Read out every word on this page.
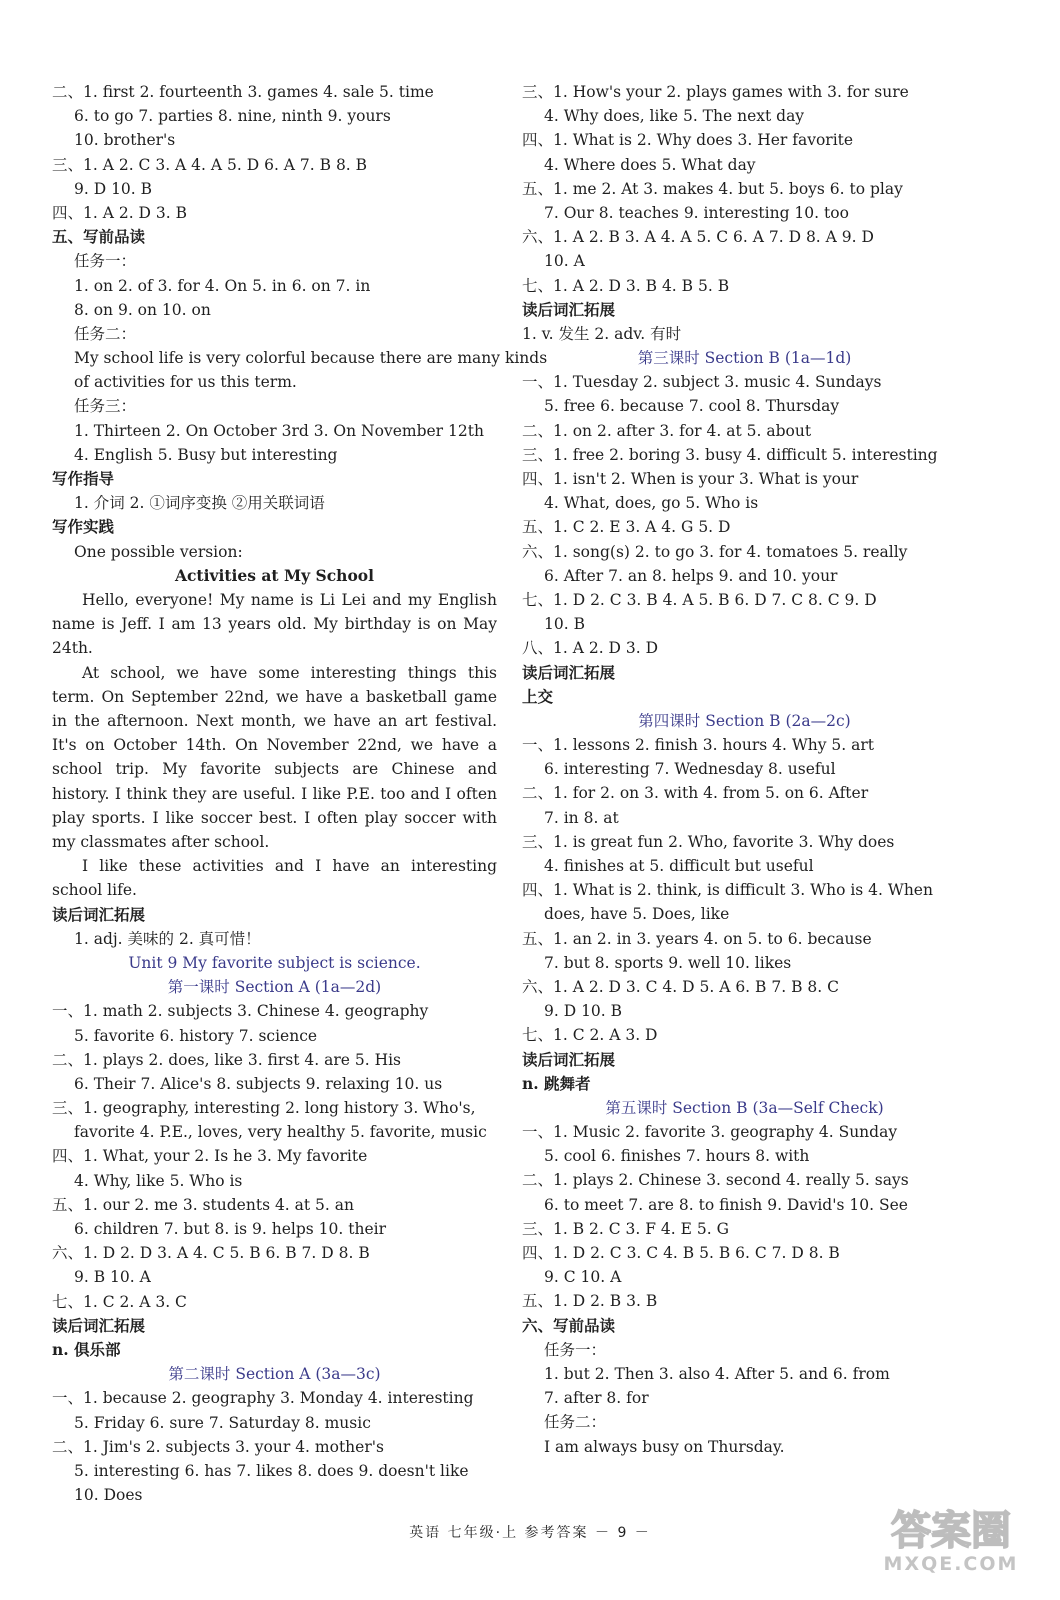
二、1. first 2. fourteenth 3. games 4. sale 5. time
6. to go 7. parties 8. nine, ninth 9. yours
10. brother's
三、1. A 2. C 3. A 4. A 5. D 6. A 7. B 8. B
9. D 10. B
四、1. A 2. D 3. B
五、写前品读
任务一：
1. on 2. of 3. for 4. On 5. in 6. on 7. in
8. on 9. on 10. on
任务二：
My school life is very colorful because there are many kinds
of activities for us this term.
任务三：
1. Thirteen 2. On October 3rd 3. On November 12th
4. English 5. Busy but interesting
写作指导
1. 介词 2. ①词序变换 ②用关联词语
写作实践
One possible version:
Activities at My School

Hello, everyone! My name is Li Lei and my English name is Jeff. I am 13 years old. My birthday is on May 24th.

At school, we have some interesting things this term. On September 22nd, we have a basketball game in the afternoon. Next month, we have an art festival. It's on October 14th. On November 22nd, we have a school trip. My favorite subjects are Chinese and history. I think they are useful. I like P.E. too and I often play sports. I like soccer best. I often play soccer with my classmates after school.

I like these activities and I have an interesting school life.

读后词汇拓展
1. adj. 美味的 2. 真可惜！
Unit 9 My favorite subject is science.
第一课时 Section A (1a—2d)
一、1. math 2. subjects 3. Chinese 4. geography
5. favorite 6. history 7. science
二、1. plays 2. does, like 3. first 4. are 5. His
6. Their 7. Alice's 8. subjects 9. relaxing 10. us
三、1. geography, interesting 2. long history 3. Who's,
favorite 4. P.E., loves, very healthy 5. favorite, music
四、1. What, your 2. Is he 3. My favorite
4. Why, like 5. Who is
五、1. our 2. me 3. students 4. at 5. an
6. children 7. but 8. is 9. helps 10. their
六、1. D 2. D 3. A 4. C 5. B 6. B 7. D 8. B
9. B 10. A
七、1. C 2. A 3. C
读后词汇拓展
n. 俱乐部
第二课时 Section A (3a—3c)
一、1. because 2. geography 3. Monday 4. interesting
5. Friday 6. sure 7. Saturday 8. music
二、1. Jim's 2. subjects 3. your 4. mother's
5. interesting 6. has 7. likes 8. does 9. doesn't like
10. Does
三、1. How's your 2. plays games with 3. for sure
4. Why does, like 5. The next day
四、1. What is 2. Why does 3. Her favorite
4. Where does 5. What day
五、1. me 2. At 3. makes 4. but 5. boys 6. to play
7. Our 8. teaches 9. interesting 10. too
六、1. A 2. B 3. A 4. A 5. C 6. A 7. D 8. A 9. D
10. A
七、1. A 2. D 3. B 4. B 5. B
读后词汇拓展
1. v. 发生 2. adv. 有时
第三课时 Section B (1a—1d)
一、1. Tuesday 2. subject 3. music 4. Sundays
5. free 6. because 7. cool 8. Thursday
二、1. on 2. after 3. for 4. at 5. about
三、1. free 2. boring 3. busy 4. difficult 5. interesting
四、1. isn't 2. When is your 3. What is your
4. What, does, go 5. Who is
五、1. C 2. E 3. A 4. G 5. D
六、1. song(s) 2. to go 3. for 4. tomatoes 5. really
6. After 7. an 8. helps 9. and 10. your
七、1. D 2. C 3. B 4. A 5. B 6. D 7. C 8. C 9. D
10. B
八、1. A 2. D 3. D
读后词汇拓展
上交
第四课时 Section B (2a—2c)
一、1. lessons 2. finish 3. hours 4. Why 5. art
6. interesting 7. Wednesday 8. useful
二、1. for 2. on 3. with 4. from 5. on 6. After
7. in 8. at
三、1. is great fun 2. Who, favorite 3. Why does
4. finishes at 5. difficult but useful
四、1. What is 2. think, is difficult 3. Who is 4. When
does, have 5. Does, like
五、1. an 2. in 3. years 4. on 5. to 6. because
7. but 8. sports 9. well 10. likes
六、1. A 2. D 3. C 4. D 5. A 6. B 7. B 8. C
9. D 10. B
七、1. C 2. A 3. D
读后词汇拓展
n. 跳舞者
第五课时 Section B (3a—Self Check)
一、1. Music 2. favorite 3. geography 4. Sunday
5. cool 6. finishes 7. hours 8. with
二、1. plays 2. Chinese 3. second 4. really 5. says
6. to meet 7. are 8. to finish 9. David's 10. See
三、1. B 2. C 3. F 4. E 5. G
四、1. D 2. C 3. C 4. B 5. B 6. C 7. D 8. B
9. C 10. A
五、1. D 2. B 3. B
六、写前品读
任务一：
1. but 2. Then 3. also 4. After 5. and 6. from
7. after 8. for
任务二：
I am always busy on Thursday.
英语 七年级·上 参考答案 － 9 －	答案圈
MXQE.COM
